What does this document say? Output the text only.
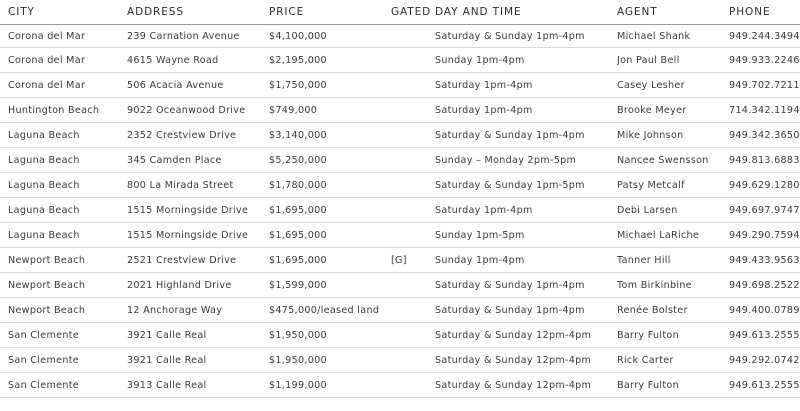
CITY	ADDRESS	PRICE	GATED	DAY AND TIME	AGENT	PHONE
Corona del Mar	239 Carnation Avenue	$4,100,000		Saturday & Sunday 1pm-4pm	Michael Shank	949.244.3494
Corona del Mar	4615 Wayne Road	$2,195,000		Sunday 1pm-4pm	Jon Paul Bell	949.933.2246
Corona del Mar	506 Acacia Avenue	$1,750,000		Saturday 1pm-4pm	Casey Lesher	949.702.7211
Huntington Beach	9022 Oceanwood Drive	$749,000		Saturday 1pm-4pm	Brooke Meyer	714.342.1194
Laguna Beach	2352 Crestview Drive	$3,140,000		Saturday & Sunday 1pm-4pm	Mike Johnson	949.342.3650
Laguna Beach	345 Camden Place	$5,250,000		Sunday – Monday 2pm-5pm	Nancee Swensson	949.813.6883
Laguna Beach	800 La Mirada Street	$1,780,000		Saturday & Sunday 1pm-5pm	Patsy Metcalf	949.629.1280
Laguna Beach	1515 Morningside Drive	$1,695,000		Saturday 1pm-4pm	Debi Larsen	949.697.9747
Laguna Beach	1515 Morningside Drive	$1,695,000		Sunday 1pm-5pm	Michael LaRiche	949.290.7594
Newport Beach	2521 Crestview Drive	$1,695,000	[G]	Sunday 1pm-4pm	Tanner Hill	949.433.9563
Newport Beach	2021 Highland Drive	$1,599,000		Saturday & Sunday 1pm-4pm	Tom Birkinbine	949.698.2522
Newport Beach	12 Anchorage Way	$475,000/leased land		Saturday & Sunday 1pm-4pm	Renée Bolster	949.400.0789
San Clemente	3921 Calle Real	$1,950,000		Saturday & Sunday 12pm-4pm	Barry Fulton	949.613.2555
San Clemente	3921 Calle Real	$1,950,000		Saturday & Sunday 12pm-4pm	Rick Carter	949.292.0742
San Clemente	3913 Calle Real	$1,199,000		Saturday & Sunday 12pm-4pm	Barry Fulton	949.613.2555
